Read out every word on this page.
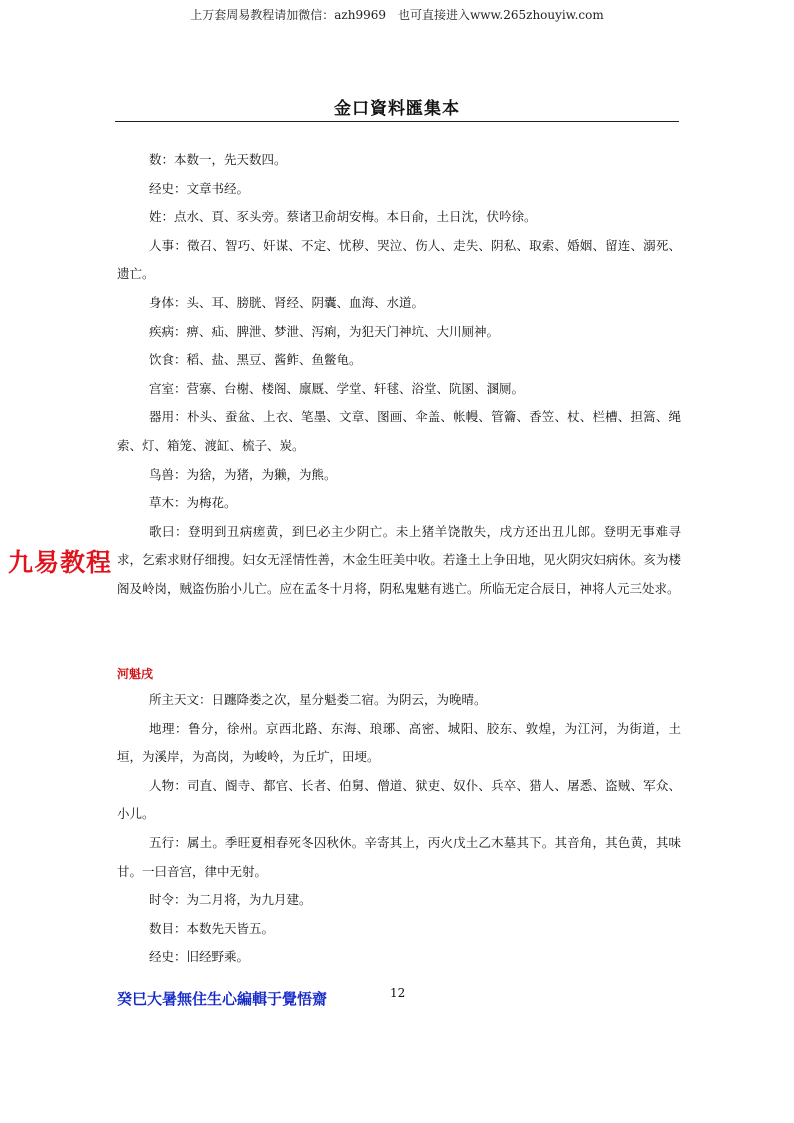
上万套周易教程请加微信：azh9969　也可直接进入www.265zhouyiw.com
金口資料匯集本

数：本数一，先天数四。

经史：文章书经。

姓：点水、頁、豕头旁。蔡诸卫俞胡安梅。本日俞，土日沈，伏吟徐。

人事：徵召、智巧、奸谋、不定、忧秽、哭泣、伤人、走失、阴私、取索、婚姻、留连、溺死、遗亡。

身体：头、耳、膀胱、肾经、阴囊、血海、水道。

疾病：痹、疝、脾泄、梦泄、泻痢，为犯天门神坑、大川厕神。

饮食：稻、盐、黑豆、酱鲊、鱼鳖龟。

宫室：营寨、台榭、楼阁、廪厩、学堂、轩毬、浴堂、阬圂、溷厕。

器用：朴头、蚕盆、上衣、笔墨、文章、图画、伞盖、帐幔、管籥、香笠、杖、栏槽、担篙、绳索、灯、箱笼、渡缸、梳子、炭。

鸟兽：为猞，为猪，为獭，为熊。

草木：为梅花。

歌曰：登明到丑病瘥黄，到巳必主少阴亡。未上猪羊饶散失，戌方还出丑儿郎。登明无事难寻求，乞索求财仔细搜。妇女无淫情性善，木金生旺美中收。若逢土上争田地，见火阴灾妇病休。亥为楼阁及岭岗，贼盗伤胎小儿亡。应在孟冬十月将，阴私鬼魅有逃亡。所临无定合辰日，神将人元三处求。

九易教程
河魁戌

所主天文：日躔降娄之次，星分魁娄二宿。为阴云，为晚晴。

地理：鲁分，徐州。京西北路、东海、琅琊、高密、城阳、胶东、敦煌，为江河，为街道，土垣，为溪岸，为高岗，为峻岭，为丘圹，田埂。

人物：司直、阍寺、都官、长者、伯舅、僧道、狱吏、奴仆、兵卒、猎人、屠悉、盗贼、军众、小儿。

五行：属土。季旺夏相春死冬囚秋休。辛寄其上，丙火戊土乙木墓其下。其音角，其色黄，其味甘。一曰音宫，律中无射。

时令：为二月将，为九月建。

数目：本数先天皆五。

经史：旧经野乘。

癸巳大暑無住生心編輯于覺悟齋	12
